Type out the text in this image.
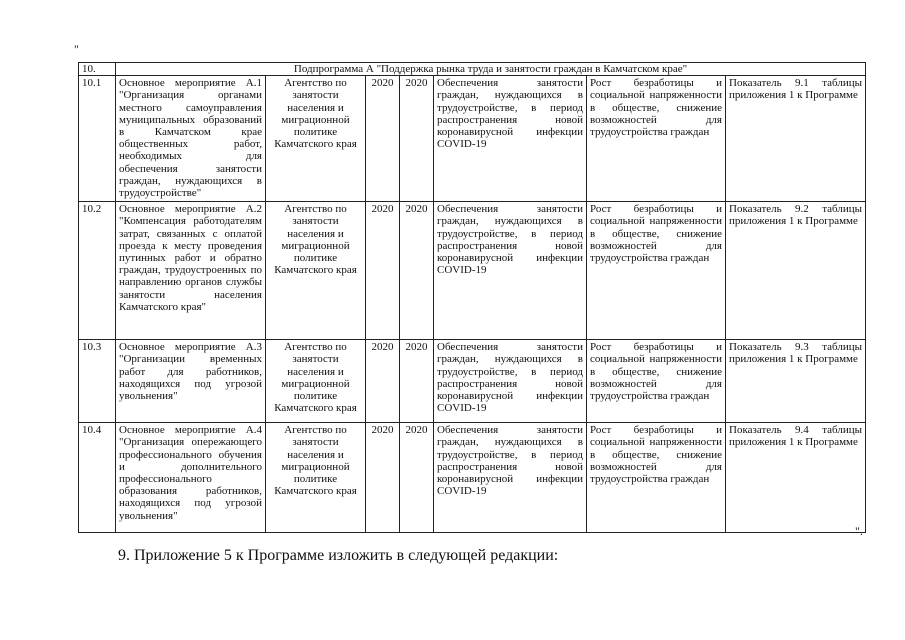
"
10.	Подпрограмма А "Поддержка рынка труда и занятости граждан в Камчатском крае"						
10.1	Основное мероприятие А.1 "Организация органами местного самоуправления муниципальных образований в Камчатском крае общественных работ, необходимых для обеспечения занятости граждан, нуждающихся в трудоустройстве"	Агентство по занятости населения и миграционной политике Камчатского края	2020	2020	Обеспечения занятости граждан, нуждающихся в трудоустройстве, в период распространения новой коронавирусной инфекции COVID-19	Рост безработицы и социальной напряженности в обществе, снижение возможностей для трудоустройства граждан	Показатель 9.1 таблицы приложения 1 к Программе
10.2	Основное мероприятие А.2 "Компенсация работодателям затрат, связанных с оплатой проезда к месту проведения путинных работ и обратно граждан, трудоустроенных по направлению органов службы занятости населения Камчатского края"	Агентство по занятости населения и миграционной политике Камчатского края	2020	2020	Обеспечения занятости граждан, нуждающихся в трудоустройстве, в период распространения новой коронавирусной инфекции COVID-19	Рост безработицы и социальной напряженности в обществе, снижение возможностей для трудоустройства граждан	Показатель 9.2 таблицы приложения 1 к Программе
10.3	Основное мероприятие А.3 "Организации временных работ для работников, находящихся под угрозой увольнения"	Агентство по занятости населения и миграционной политике Камчатского края	2020	2020	Обеспечения занятости граждан, нуждающихся в трудоустройстве, в период распространения новой коронавирусной инфекции COVID-19	Рост безработицы и социальной напряженности в обществе, снижение возможностей для трудоустройства граждан	Показатель 9.3 таблицы приложения 1 к Программе
10.4	Основное мероприятие А.4 "Организация опережающего профессионального обучения и дополнительного профессионального образования работников, находящихся под угрозой увольнения"	Агентство по занятости населения и миграционной политике Камчатского края	2020	2020	Обеспечения занятости граждан, нуждающихся в трудоустройстве, в период распространения новой коронавирусной инфекции COVID-19	Рост безработицы и социальной напряженности в обществе, снижение возможностей для трудоустройства граждан	Показатель 9.4 таблицы приложения 1 к Программе
".
9. Приложение 5 к Программе изложить в следующей редакции:
